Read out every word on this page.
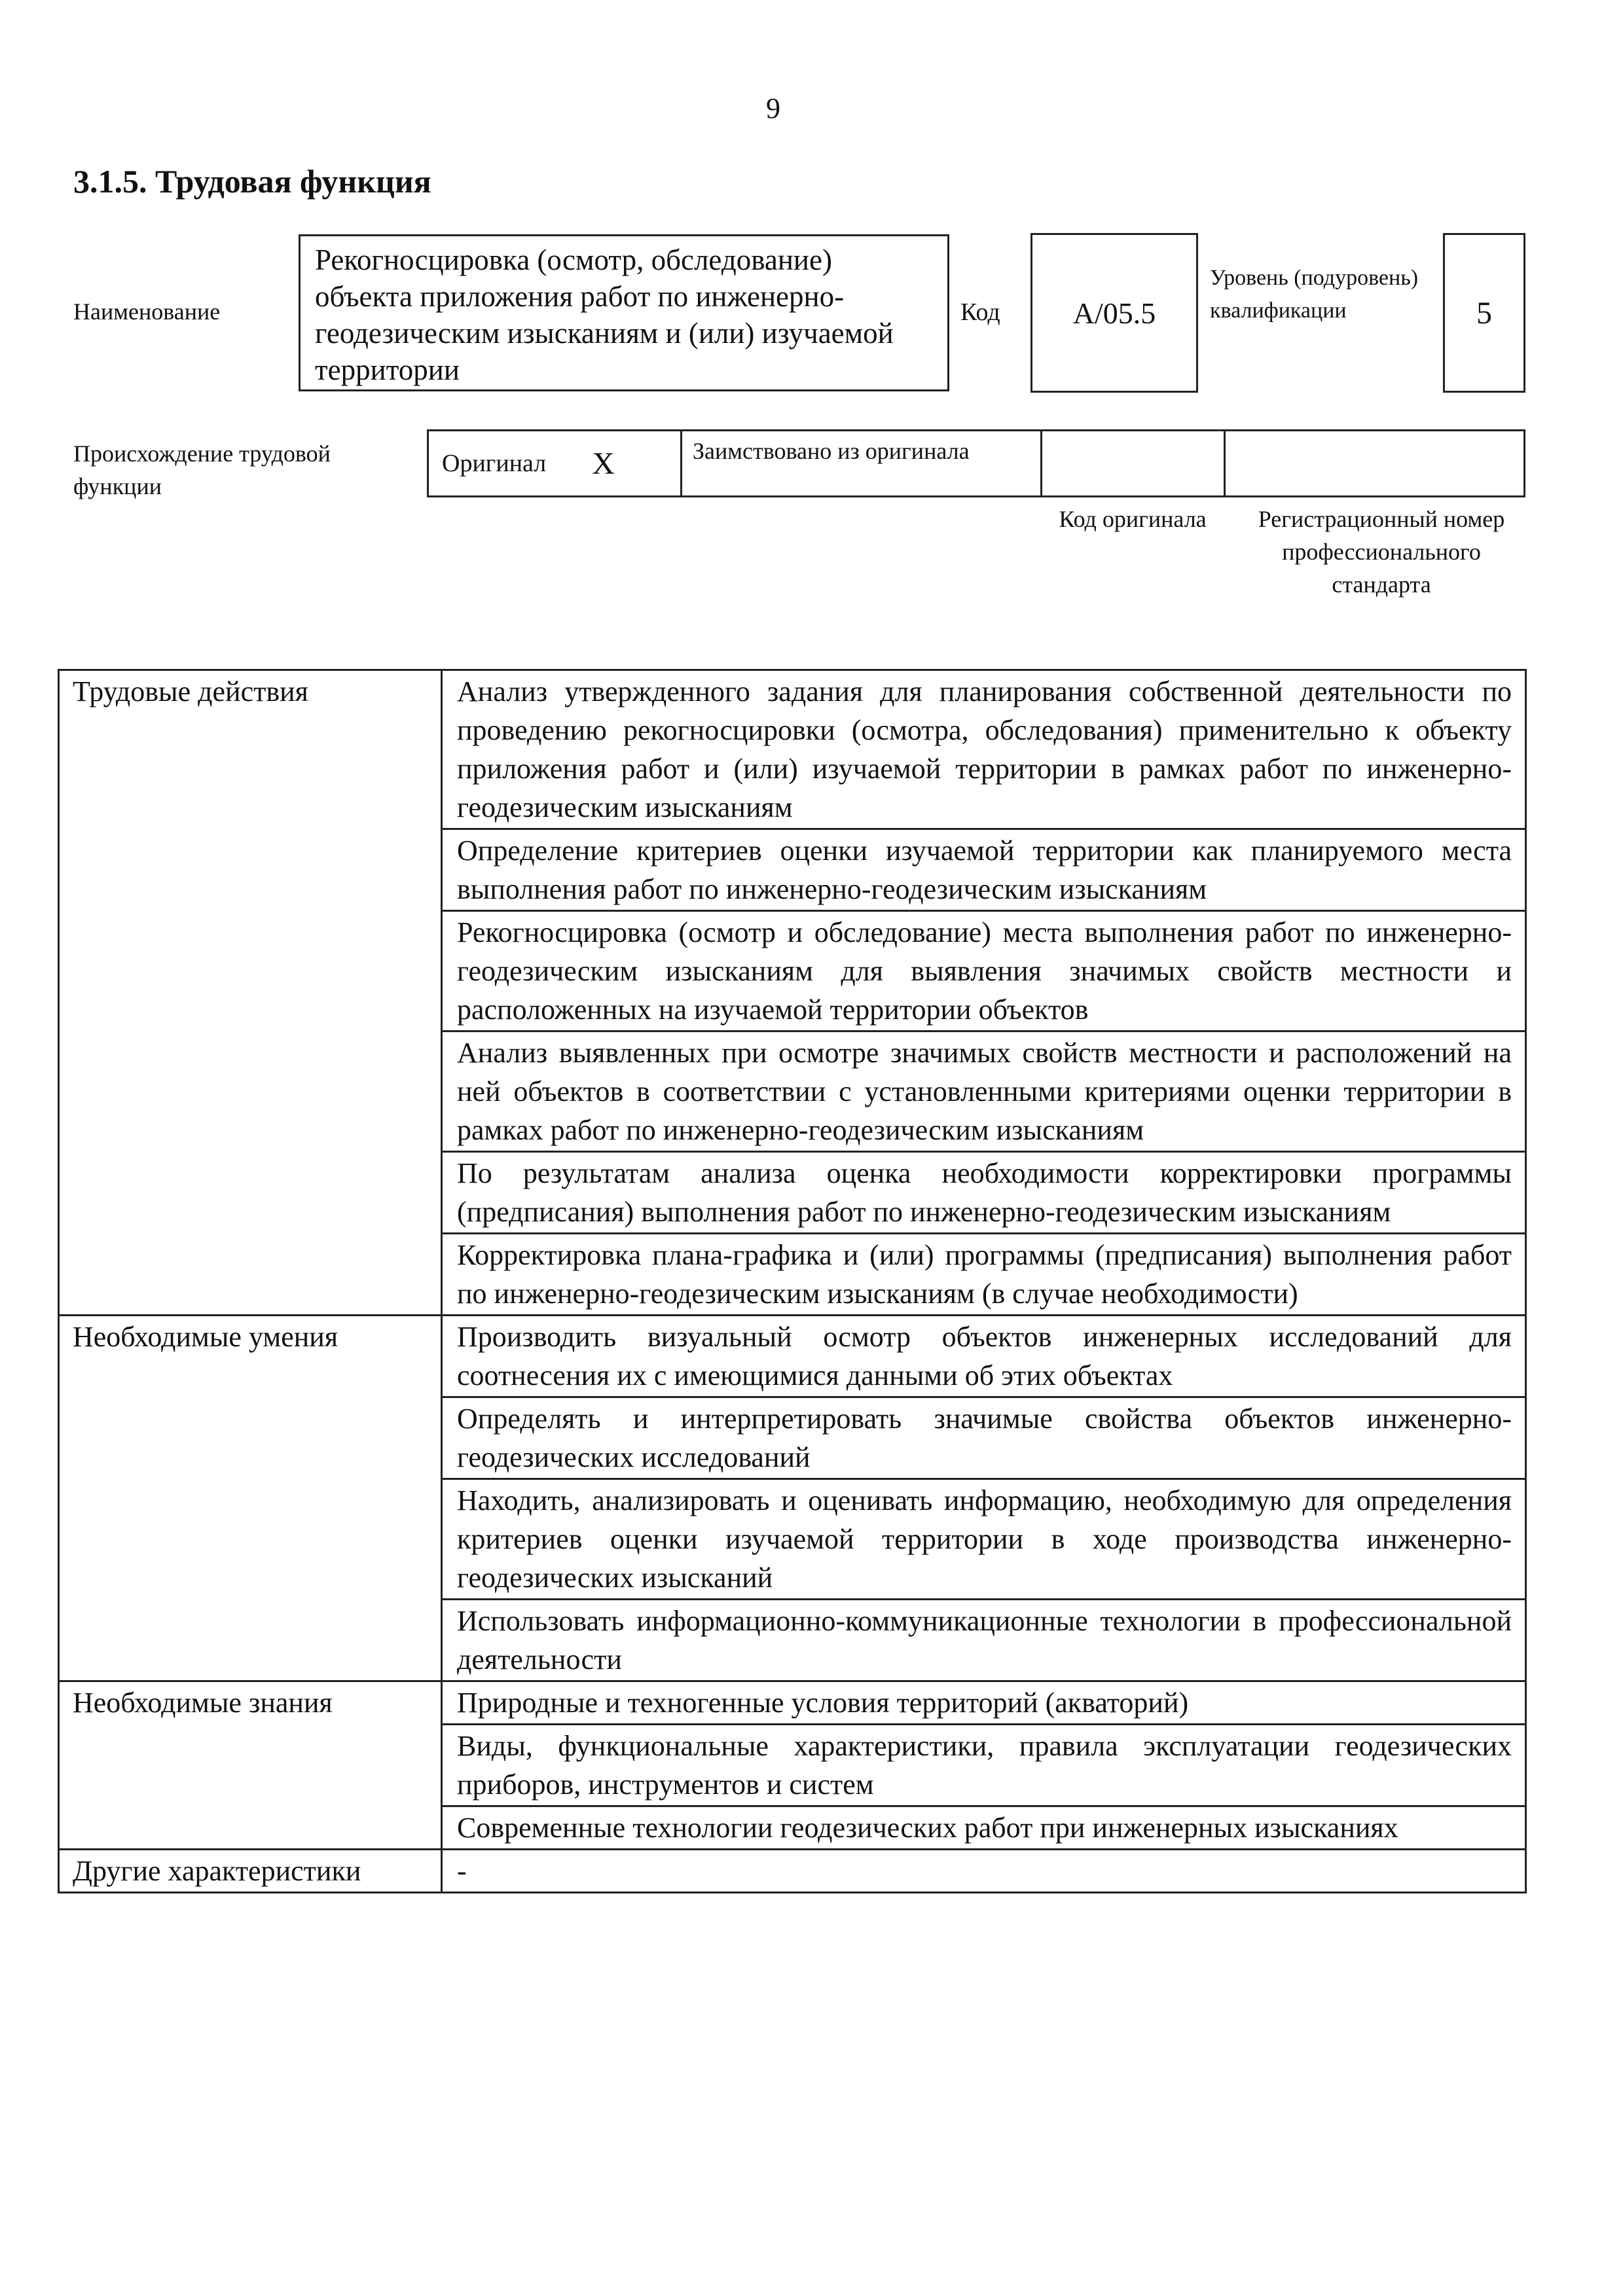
9
3.1.5. Трудовая функция
Наименование
Рекогносцировка (осмотр, обследование) объекта приложения работ по инженерно-геодезическим изысканиям и (или) изучаемой территории
Код	A/05.5
Уровень (подуровень) квалификации	5
Происхождение трудовой функции
Оригинал X	Заимствовано из оригинала
Код оригинала	Регистрационный номер профессионального стандарта
Трудовые действия	Анализ утвержденного задания для планирования собственной деятельности по проведению рекогносцировки (осмотра, обследования) применительно к объекту приложения работ и (или) изучаемой территории в рамках работ по инженерно-геодезическим изысканиям
	Определение критериев оценки изучаемой территории как планируемого места выполнения работ по инженерно-геодезическим изысканиям
	Рекогносцировка (осмотр и обследование) места выполнения работ по инженерно-геодезическим изысканиям для выявления значимых свойств местности и расположенных на изучаемой территории объектов
	Анализ выявленных при осмотре значимых свойств местности и расположений на ней объектов в соответствии с установленными критериями оценки территории в рамках работ по инженерно-геодезическим изысканиям
	По результатам анализа оценка необходимости корректировки программы (предписания) выполнения работ по инженерно-геодезическим изысканиям
	Корректировка плана-графика и (или) программы (предписания) выполнения работ по инженерно-геодезическим изысканиям (в случае необходимости)
Необходимые умения	Производить визуальный осмотр объектов инженерных исследований для соотнесения их с имеющимися данными об этих объектах
	Определять и интерпретировать значимые свойства объектов инженерно-геодезических исследований
	Находить, анализировать и оценивать информацию, необходимую для определения критериев оценки изучаемой территории в ходе производства инженерно-геодезических изысканий
	Использовать информационно-коммуникационные технологии в профессиональной деятельности
Необходимые знания	Природные и техногенные условия территорий (акваторий)
	Виды, функциональные характеристики, правила эксплуатации геодезических приборов, инструментов и систем
	Современные технологии геодезических работ при инженерных изысканиях
Другие характеристики	-
